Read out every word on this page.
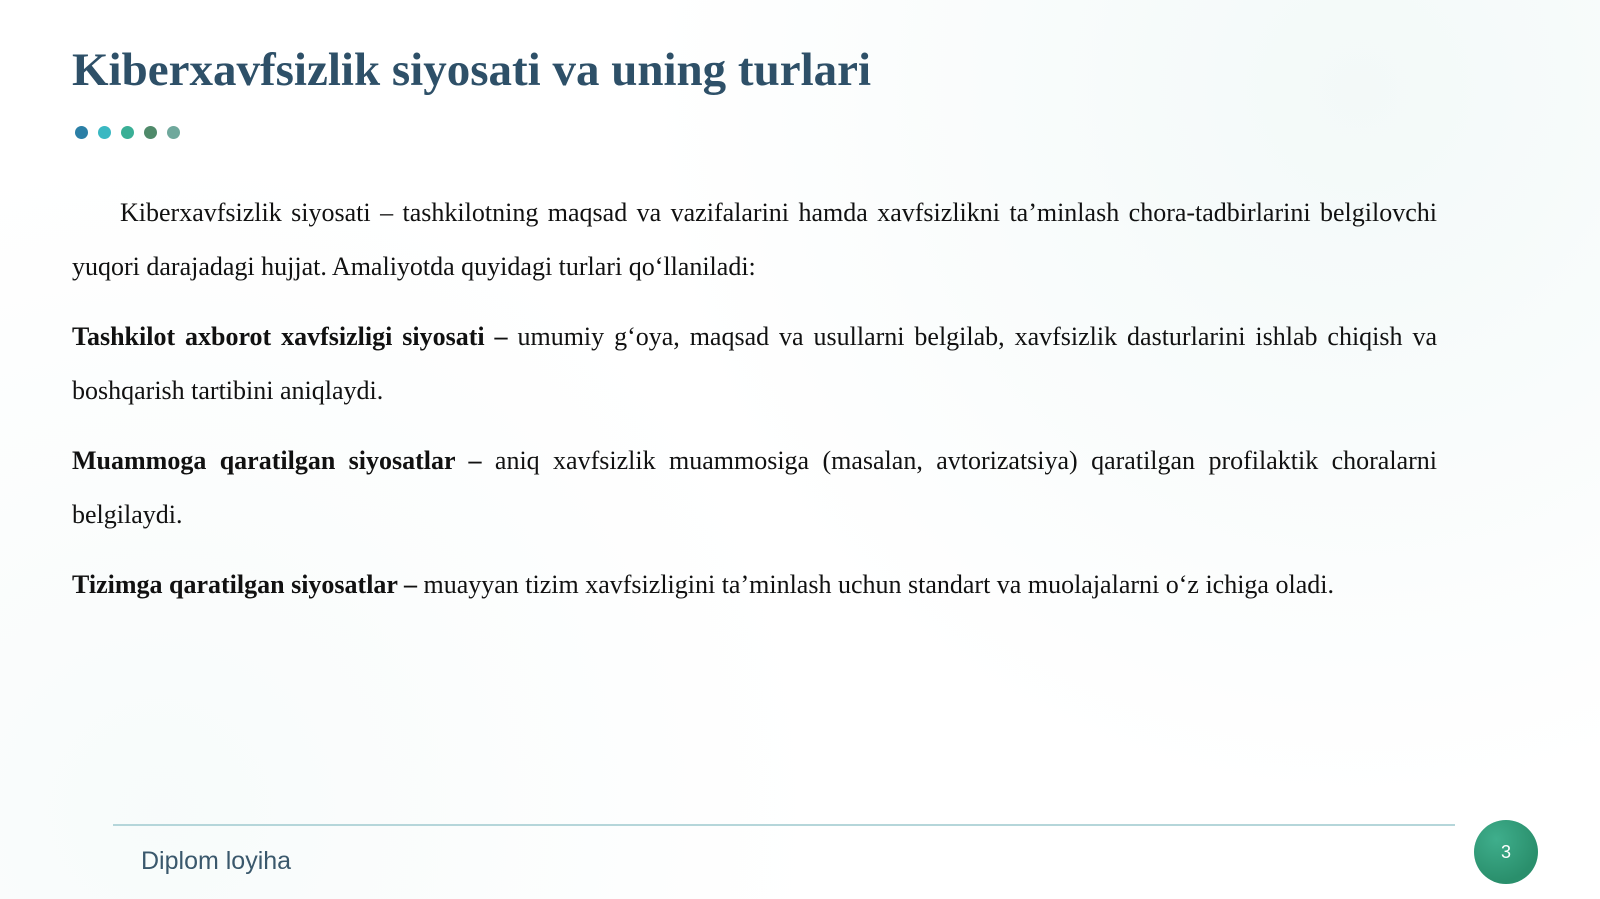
Kiberxavfsizlik siyosati va uning turlari

Kiberxavfsizlik siyosati – tashkilotning maqsad va vazifalarini hamda xavfsizlikni ta’minlash chora-tadbirlarini belgilovchi yuqori darajadagi hujjat. Amaliyotda quyidagi turlari qo‘llaniladi:

Tashkilot axborot xavfsizligi siyosati – umumiy g‘oya, maqsad va usullarni belgilab, xavfsizlik dasturlarini ishlab chiqish va boshqarish tartibini aniqlaydi.

Muammoga qaratilgan siyosatlar – aniq xavfsizlik muammosiga (masalan, avtorizatsiya) qaratilgan profilaktik choralarni belgilaydi.

Tizimga qaratilgan siyosatlar – muayyan tizim xavfsizligini ta’minlash uchun standart va muolajalarni o‘z ichiga oladi.

Diplom loyiha	3
